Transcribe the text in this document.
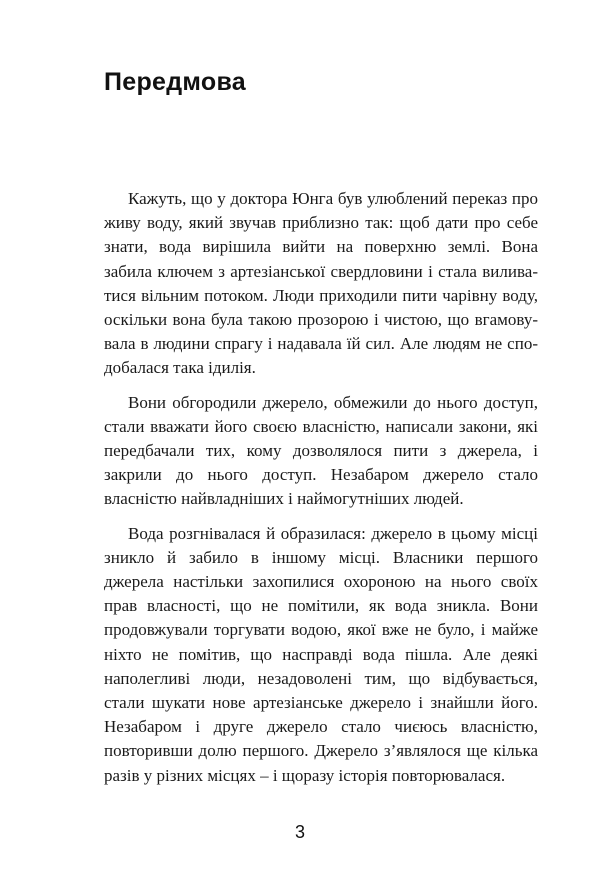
Передмова

Кажуть, що у доктора Юнга був улюблений переказ про живу воду, який звучав приблизно так: щоб дати про себе знати, вода вирішила вийти на поверхню землі. Вона забила ключем з артезіанської свердловини і стала виливатися вільним потоком. Люди приходили пити чарівну воду, оскільки вона була такою прозорою і чистою, що вгамовувала в людини спрагу і надавала їй сил. Але людям не сподобалася така ідилія.

Вони обгородили джерело, обмежили до нього доступ, стали вважати його своєю власністю, написали закони, які передбачали тих, кому дозволялося пити з джерела, і закрили до нього доступ. Незабаром джерело стало власністю найвладніших і наймогутніших людей.

Вода розгнівалася й образилася: джерело в цьому місці зникло й забило в іншому місці. Власники першого джерела настільки захопилися охороною на нього своїх прав власності, що не помітили, як вода зникла. Вони продовжували торгувати водою, якої вже не було, і майже ніхто не помітив, що насправді вода пішла. Але деякі наполегливі люди, незадоволені тим, що відбувається, стали шукати нове артезіанське джерело і знайшли його. Незабаром і друге джерело стало чиєюсь власністю, повторивши долю першого. Джерело з’являлося ще кілька разів у різних місцях – і щоразу історія повторювалася.

3
